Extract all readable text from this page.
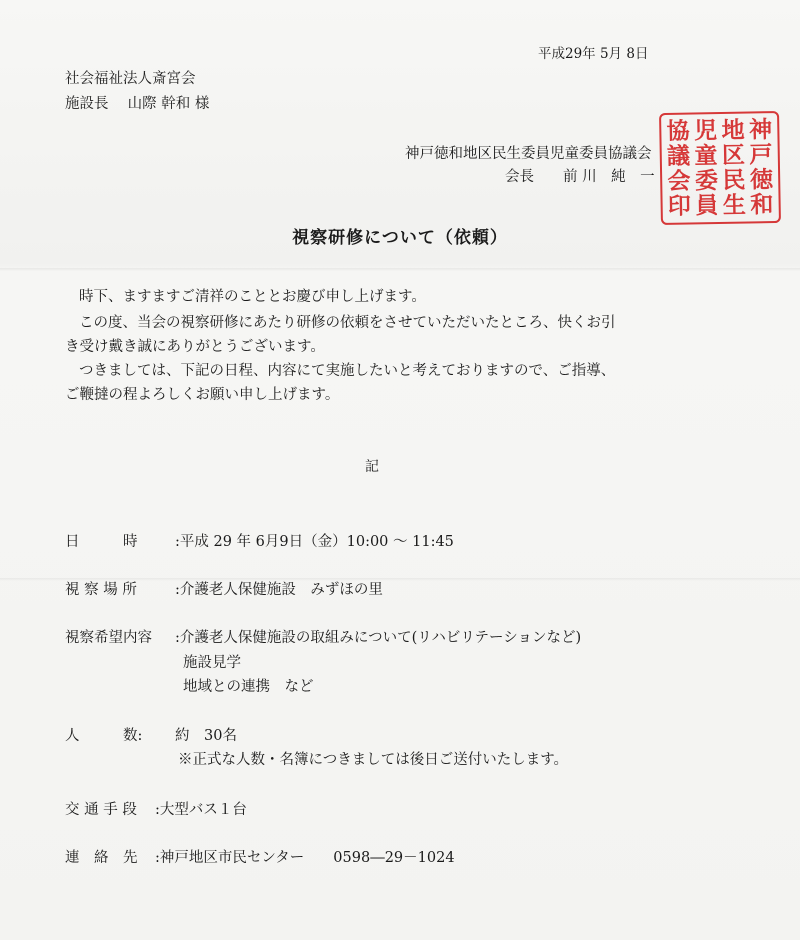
平成29年 5月 8日
社会福祉法人斎宮会
施設長　 山際 幹和 様
神戸徳和地区民生委員児童委員協議会
会長　　前 川　純　一
協 児 地 神
議 童 区 戸
会 委 民 徳
印 員 生 和
視察研修について（依頼）
時下、ますますご清祥のこととお慶び申し上げます。
この度、当会の視察研修にあたり研修の依頼をさせていただいたところ、快くお引
き受け戴き誠にありがとうございます。
つきましては、下記の日程、内容にて実施したいと考えておりますので、ご指導、
ご鞭撻の程よろしくお願い申し上げます。
記
日　　　時	:平成 29 年 6月9日（金）10:00 ～ 11:45
視 察 場 所	:介護老人保健施設　みずほの里
視察希望内容 :介護老人保健施設の取組みについて(リハビリテーションなど)
施設見学
地域との連携　など
人　　　数: 約　30名
※正式な人数・名簿につきましては後日ご送付いたします。
交 通 手 段 :大型バス１台
連　絡　先 :神戸地区市民センター　　0598―29－1024
